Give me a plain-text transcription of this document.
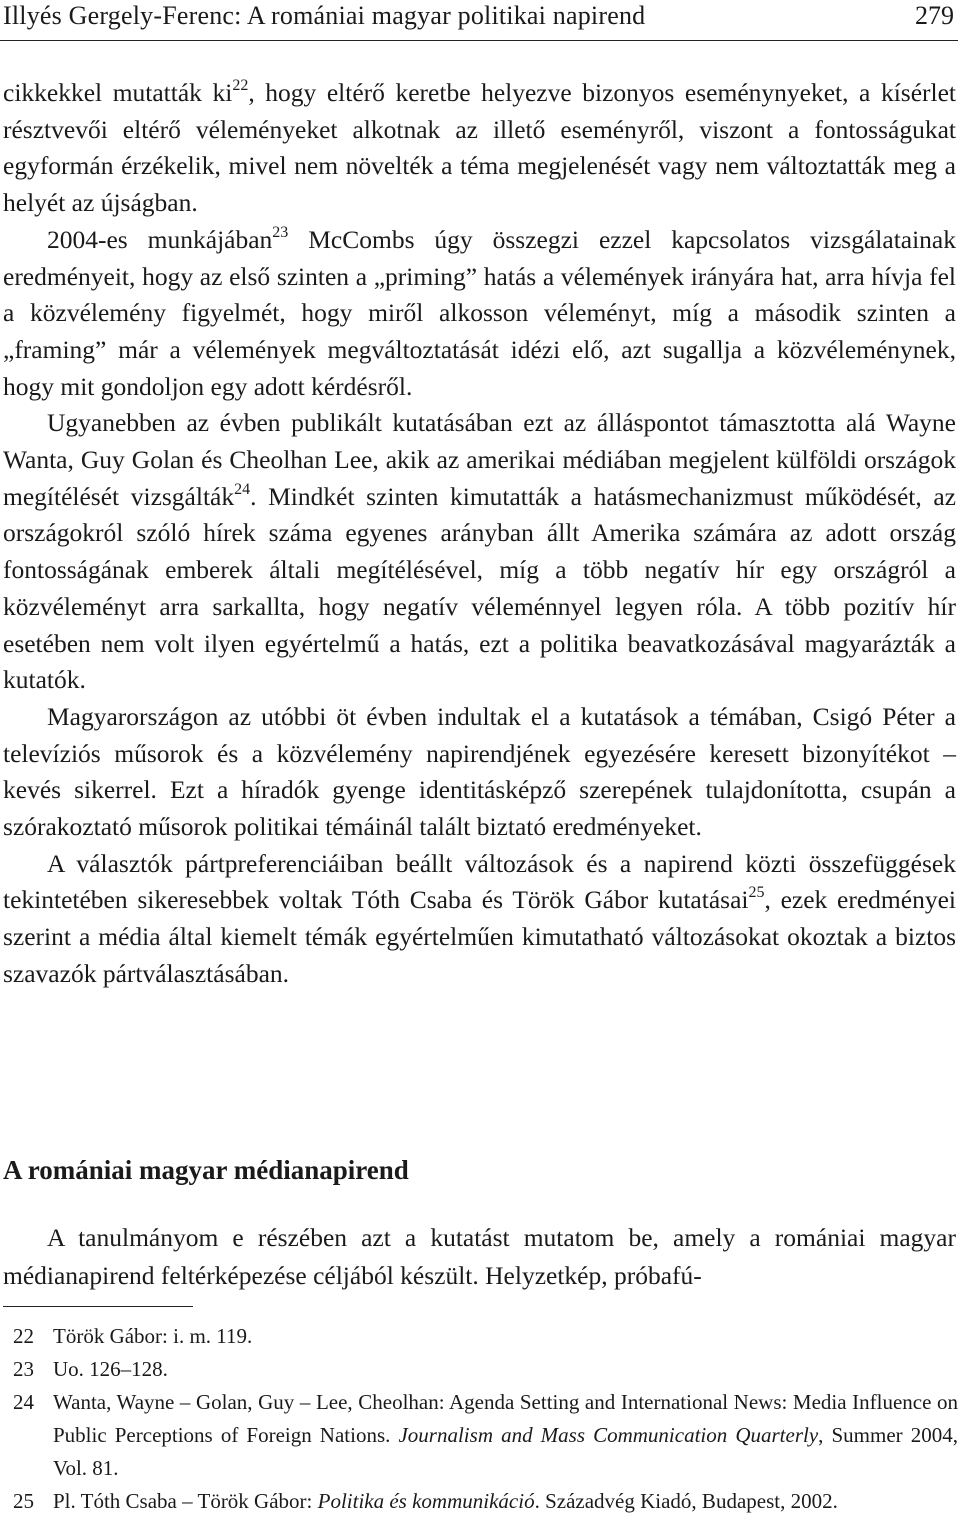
Illyés Gergely-Ferenc: A romániai magyar politikai napirend	279

cikkekkel mutatták $ki^{22}$, hogy eltérő keretbe helyezve bizonyos eseménynyeket, a kísérlet résztvevői eltérő véleményeket alkotnak az illető eseményről, viszont a fontosságukat egyformán érzékelik, mivel nem növelték a téma megjelenését vagy nem változtatták meg a helyét az újságban.

2004-es munkájában$^{23}$ McCombs úgy összegzi ezzel kapcsolatos vizsgálatainak eredményeit, hogy az első szinten a „priming” hatás a vélemények irányára hat, arra hívja fel a közvélemény figyelmét, hogy miről alkosson véleményt, míg a második szinten a „framing” már a vélemények megváltoztatását idézi elő, azt sugallja a közvéleménynek, hogy mit gondoljon egy adott kérdésről.

Ugyanebben az évben publikált kutatásában ezt az álláspontot támasztotta alá Wayne Wanta, Guy Golan és Cheolhan Lee, akik az amerikai médiában megjelent külföldi országok megítélését vizsgálták$^{24}$. Mindkét szinten kimutatták a hatásmechanizmust működését, az országokról szóló hírek száma egyenes arányban állt Amerika számára az adott ország fontosságának emberek általi megítélésével, míg a több negatív hír egy országról a közvéleményt arra sarkallta, hogy negatív véleménnyel legyen róla. A több pozitív hír esetében nem volt ilyen egyértelmű a hatás, ezt a politika beavatkozásával magyarázták a kutatók.

Magyarországon az utóbbi öt évben indultak el a kutatások a témában, Csigó Péter a televíziós műsorok és a közvélemény napirendjének egyezésére keresett bizonyítékot – kevés sikerrel. Ezt a híradók gyenge identitásképző szerepének tulajdonította, csupán a szórakoztató műsorok politikai témáinál talált biztató eredményeket.

A választók pártpreferenciáiban beállt változások és a napirend közti összefüggések tekintetében sikeresebbek voltak Tóth Csaba és Török Gábor kutatásai$^{25}$, ezek eredményei szerint a média által kiemelt témák egyértelműen kimutatható változásokat okoztak a biztos szavazók pártválasztásában.

A romániai magyar médianapirend

A tanulmányom e részében azt a kutatást mutatom be, amely a romániai magyar médianapirend feltérképezése céljából készült. Helyzetkép, próbafú-

22 Török Gábor: i. m. 119.
23 Uo. 126–128.
24 Wanta, Wayne – Golan, Guy – Lee, Cheolhan: Agenda Setting and International News: Media Influence on Public Perceptions of Foreign Nations. Journalism and Mass Communication Quarterly, Summer 2004, Vol. 81.
25 Pl. Tóth Csaba – Török Gábor: Politika és kommunikáció. Századvég Kiadó, Budapest, 2002.
